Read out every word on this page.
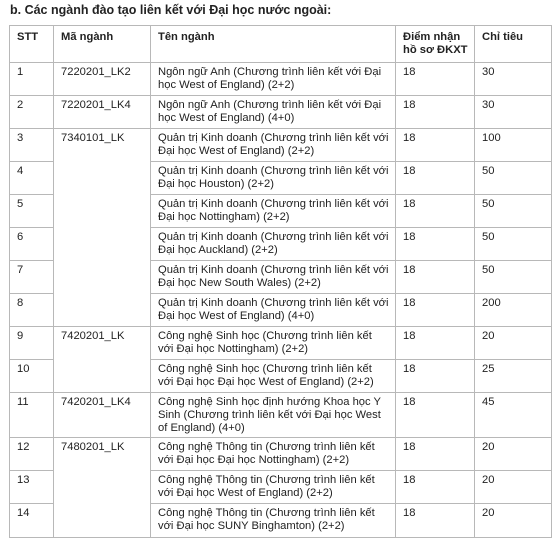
b. Các ngành đào tạo liên kết với Đại học nước ngoài:
STT	Mã ngành	Tên ngành	Điểm nhận hồ sơ ĐKXT	Chỉ tiêu
1	7220201_LK2	Ngôn ngữ Anh (Chương trình liên kết với Đại học West of England) (2+2)	18	30
2	7220201_LK4	Ngôn ngữ Anh (Chương trình liên kết với Đại học West of England) (4+0)	18	30
3	7340101_LK	Quản trị Kinh doanh (Chương trình liên kết với Đại học West of England) (2+2)	18	100
4		Quản trị Kinh doanh (Chương trình liên kết với Đại học Houston) (2+2)	18	50
5		Quản trị Kinh doanh (Chương trình liên kết với Đại học Nottingham) (2+2)	18	50
6		Quản trị Kinh doanh (Chương trình liên kết với Đại học Auckland) (2+2)	18	50
7		Quản trị Kinh doanh (Chương trình liên kết với Đại học New South Wales) (2+2)	18	50
8		Quản trị Kinh doanh (Chương trình liên kết với Đại học West of England) (4+0)	18	200
9	7420201_LK	Công nghệ Sinh học (Chương trình liên kết với Đại học Nottingham) (2+2)	18	20
10		Công nghệ Sinh học (Chương trình liên kết với Đại học Đại học West of England) (2+2)	18	25
11	7420201_LK4	Công nghệ Sinh học định hướng Khoa học Y Sinh (Chương trình liên kết với Đại học West of England) (4+0)	18	45
12	7480201_LK	Công nghệ Thông tin (Chương trình liên kết với Đại học Đại học Nottingham) (2+2)	18	20
13		Công nghệ Thông tin (Chương trình liên kết với Đại học West of England) (2+2)	18	20
14		Công nghệ Thông tin (Chương trình liên kết với Đại học SUNY Binghamton) (2+2)	18	20
